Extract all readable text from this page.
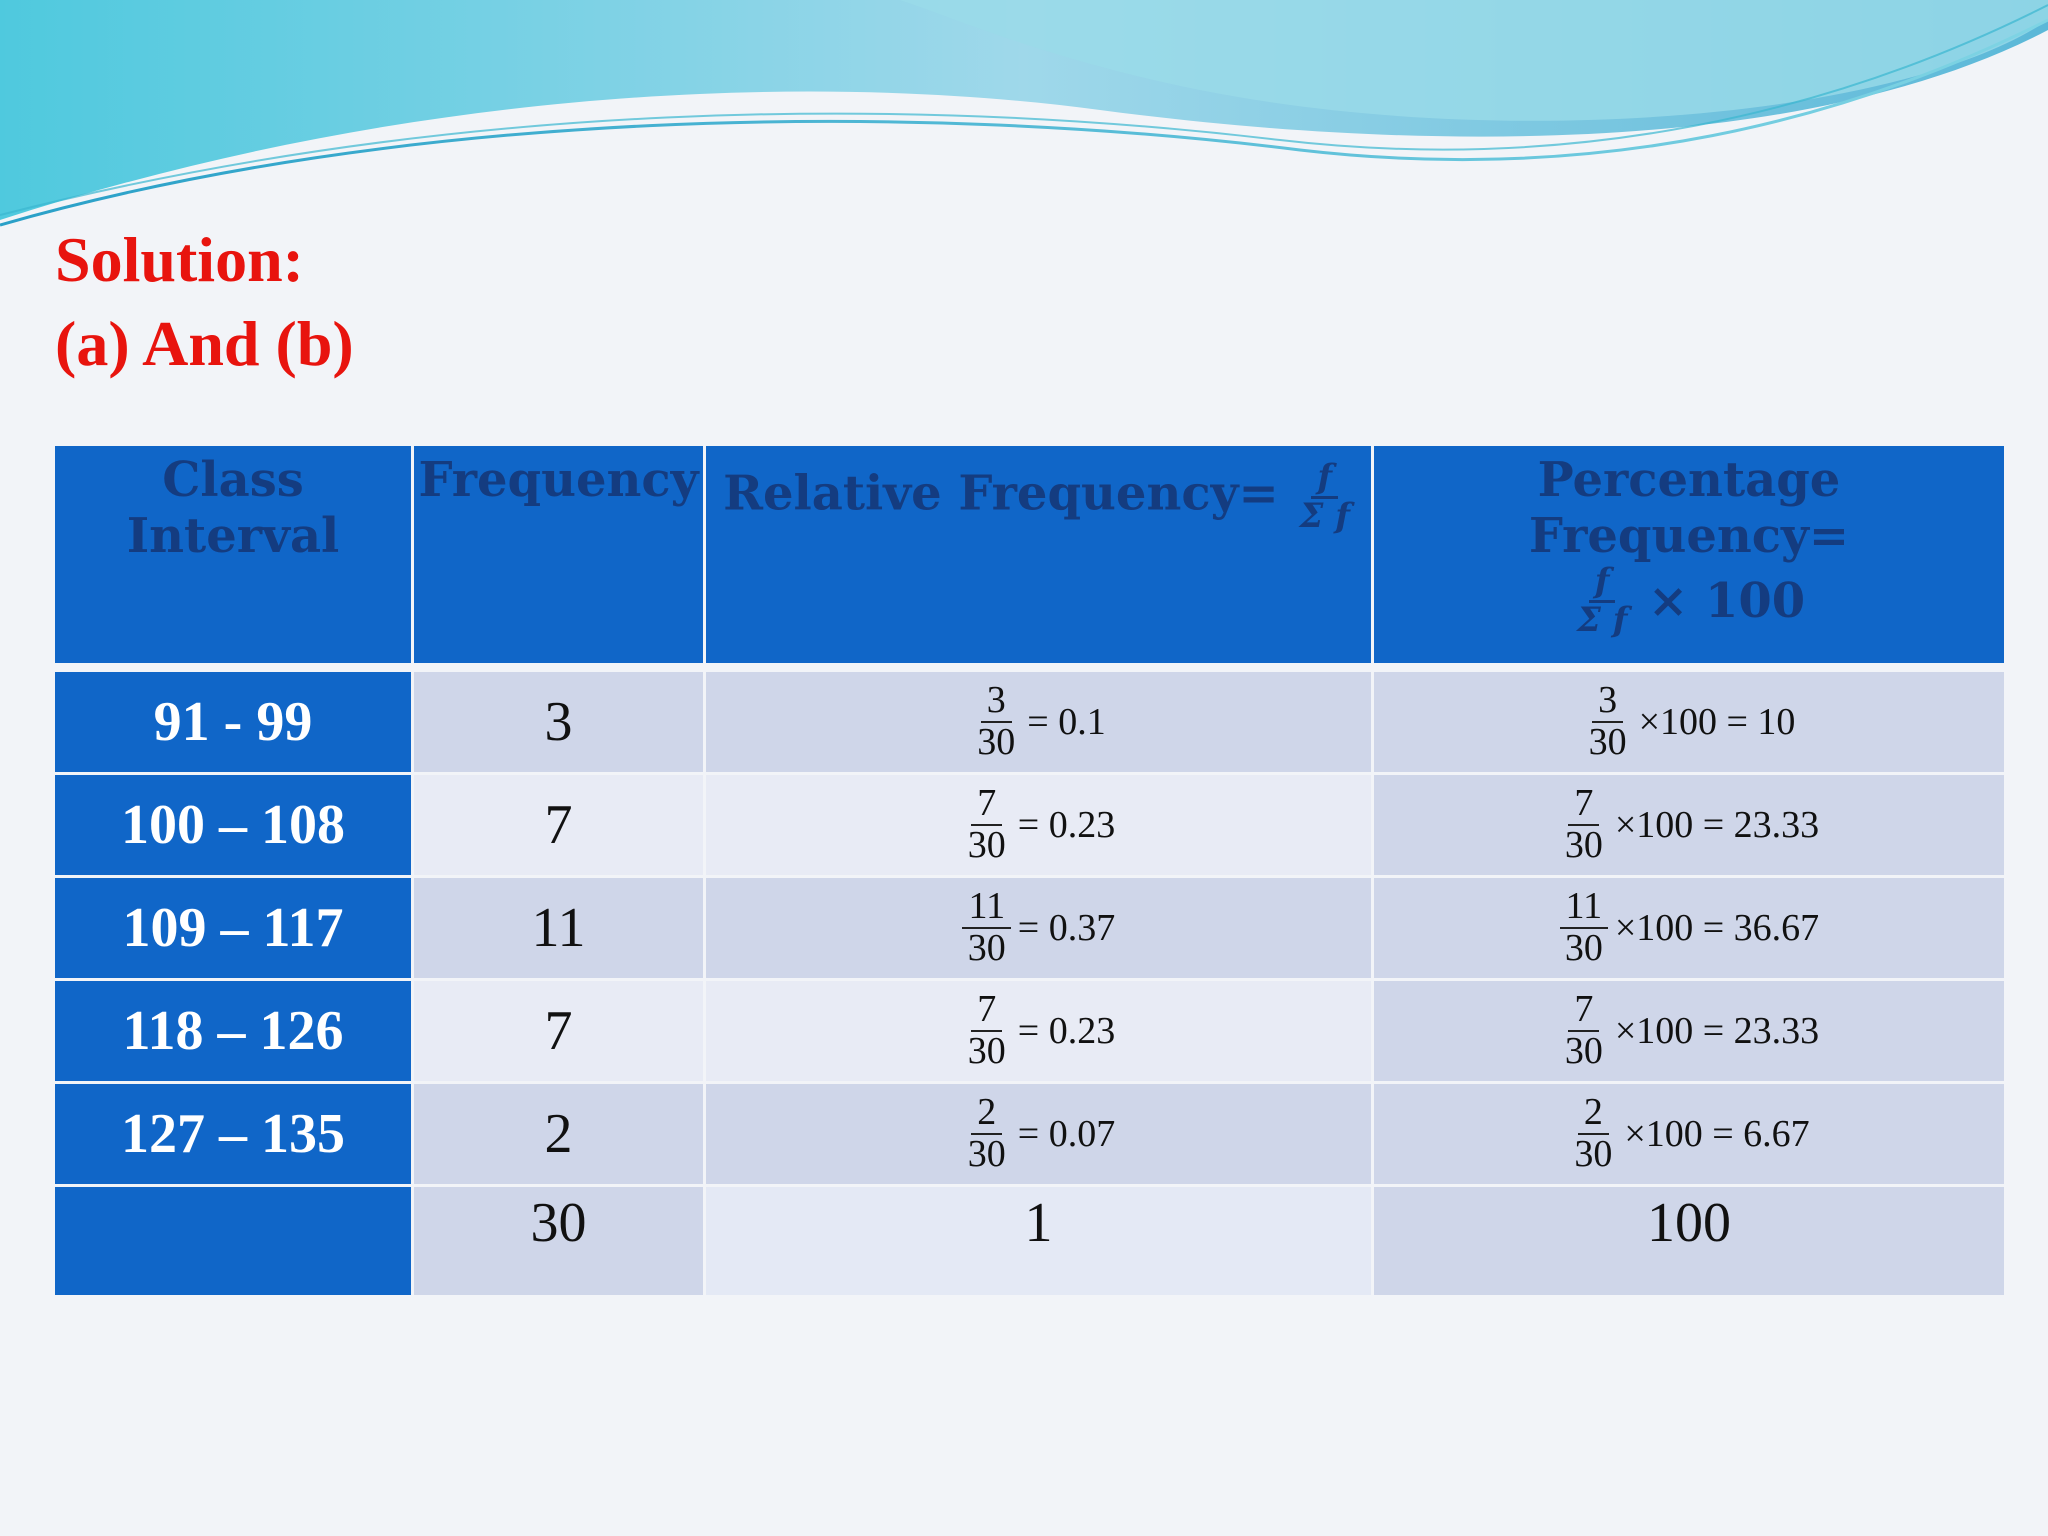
Solution:
(a) And (b)
Class
Interval	Frequency	Relative Frequency= $\frac{f}{\text{Σ f}}$	Percentage Frequency=
$\frac{f}{\text{Σ f}} \times 100$

91 - 99	3	$\frac{3}{30} = 0.1$	$\frac{3}{30} \times 100 = 10$
100 – 108	7	$\frac{7}{30} = 0.23$	$\frac{7}{30} \times 100 = 23.33$
109 – 117	11	$\frac{11}{30} = 0.37$	$\frac{11}{30} \times 100 = 36.67$
118 – 126	7	$\frac{7}{30} = 0.23$	$\frac{7}{30} \times 100 = 23.33$
127 – 135	2	$\frac{2}{30} = 0.07$	$\frac{2}{30} \times 100 = 6.67$
	30	1	100
